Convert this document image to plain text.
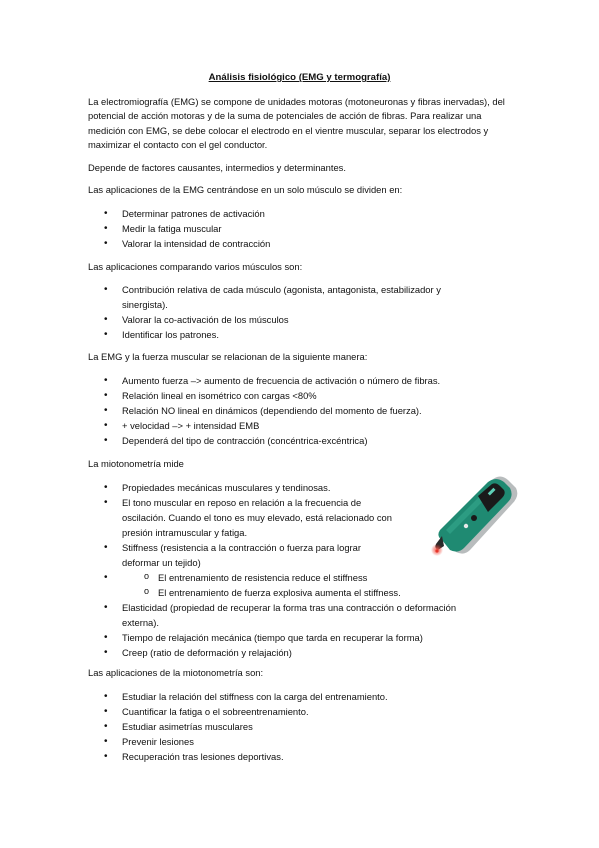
Análisis fisiológico (EMG y termografía)

La electromiografía (EMG) se compone de unidades motoras (motoneuronas y fibras inervadas), del potencial de acción motoras y de la suma de potenciales de acción de fibras. Para realizar una medición con EMG, se debe colocar el electrodo en el vientre muscular, separar los electrodos y maximizar el contacto con el gel conductor.

Depende de factores causantes, intermedios y determinantes.

Las aplicaciones de la EMG centrándose en un solo músculo se dividen en:

• Determinar patrones de activación
• Medir la fatiga muscular
• Valorar la intensidad de contracción

Las aplicaciones comparando varios músculos son:

• Contribución relativa de cada músculo (agonista, antagonista, estabilizador y sinergista).
• Valorar la co-activación de los músculos
• Identificar los patrones.

La EMG y la fuerza muscular se relacionan de la siguiente manera:

• Aumento fuerza –> aumento de frecuencia de activación o número de fibras.
• Relación lineal en isométrico con cargas <80%
• Relación NO lineal en dinámicos (dependiendo del momento de fuerza).
• + velocidad –> + intensidad EMB
• Dependerá del tipo de contracción (concéntrica-excéntrica)

La miotonometría mide

• Propiedades mecánicas musculares y tendinosas.
• El tono muscular en reposo en relación a la frecuencia de oscilación. Cuando el tono es muy elevado, está relacionado con presión intramuscular y fatiga.
• Stiffness (resistencia a la contracción o fuerza para lograr deformar un tejido)
o • El entrenamiento de resistencia reduce el stiffness
o El entrenamiento de fuerza explosiva aumenta el stiffness.
• Elasticidad (propiedad de recuperar la forma tras una contracción o deformación externa).
• Tiempo de relajación mecánica (tiempo que tarda en recuperar la forma)
• Creep (ratio de deformación y relajación)

Las aplicaciones de la miotonometría son:

• Estudiar la relación del stiffness con la carga del entrenamiento.
• Cuantificar la fatiga o el sobreentrenamiento.
• Estudiar asimetrías musculares
• Prevenir lesiones
• Recuperación tras lesiones deportivas.
